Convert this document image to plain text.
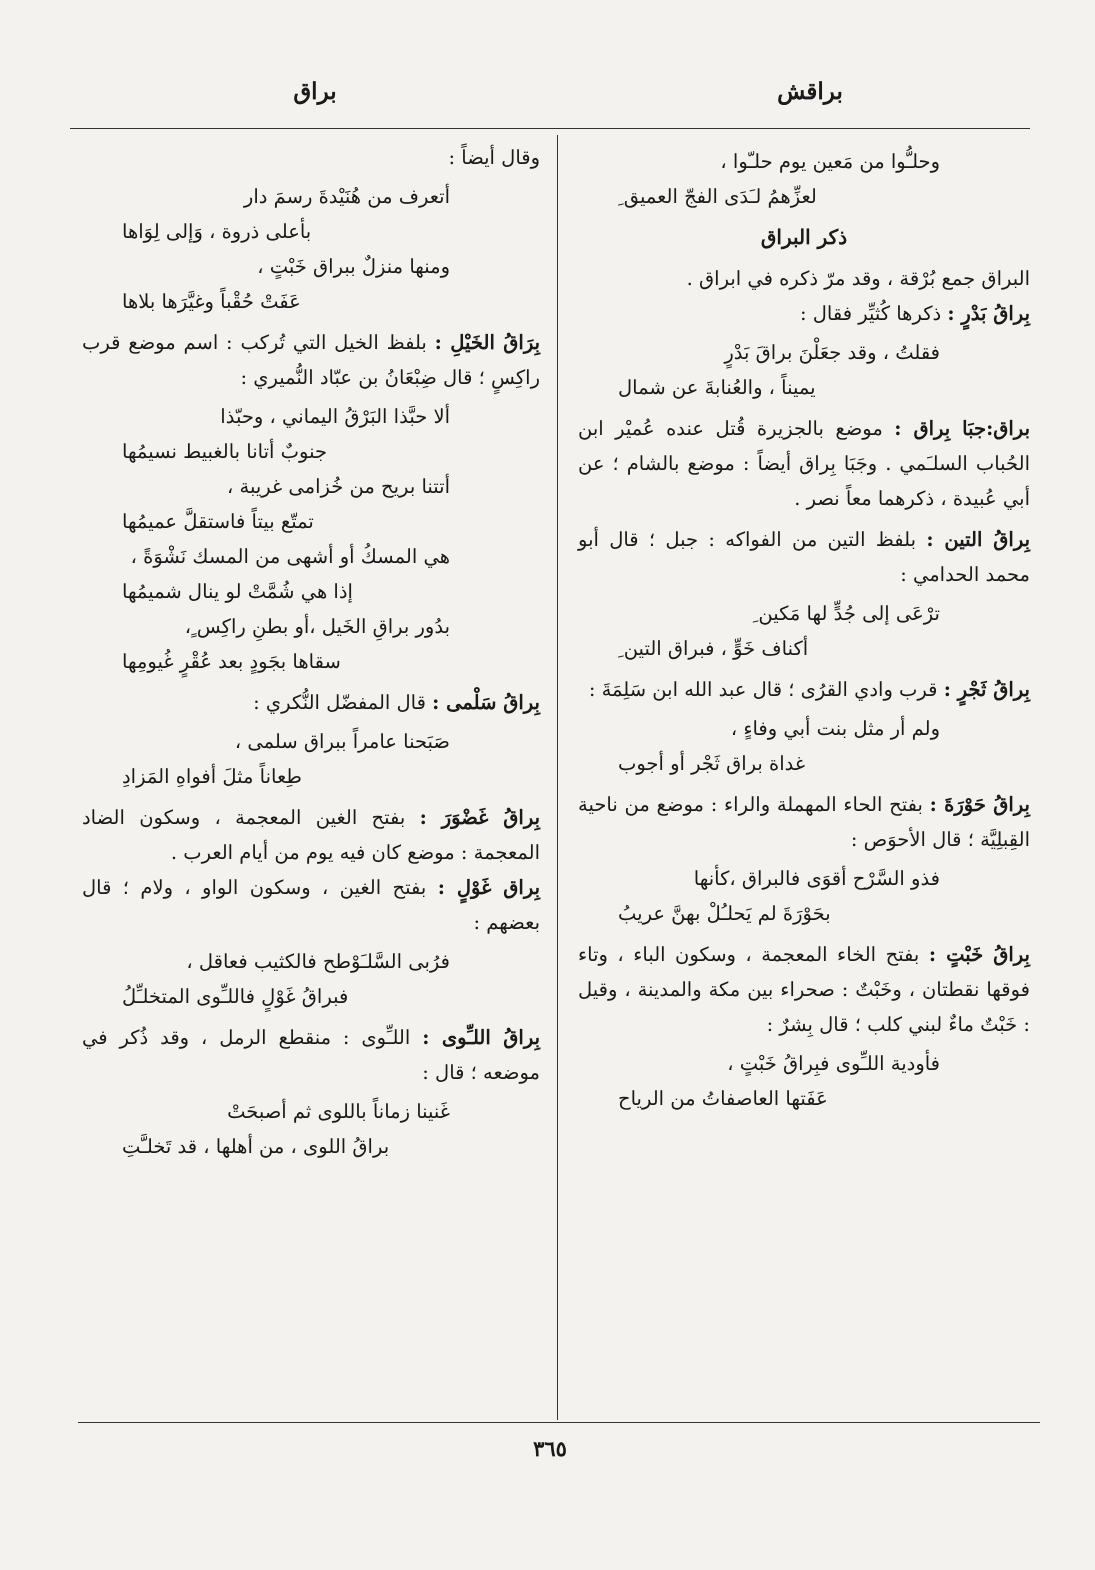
براقش
براق
وحلـُّوا من مَعين يوم حلـّوا ،
لعزِّهمُ لـَدَى الفجّ العميق ِ
ذكر البراق

البراق جمع بُرْقة ، وقد مرّ ذكره في ابراق .

بِراقُ بَدْرٍ : ذكرها كُثيِّر فقال :

فقلتُ ، وقد جعَلْنَ براقَ بَدْرٍ
يميناً ، والعُنابةَ عن شمال

براق:جبَا بِراق : موضع بالجزيرة قُتل عنده عُميْر ابن الحُباب السلـَمي . وجَبَا بِراق أيضاً : موضع بالشام ؛ عن أبي عُبيدة ، ذكرهما معاً نصر .

بِراقُ التين : بلفظ التين من الفواكه : جبل ؛ قال أبو محمد الحدامي :

ترْعَى إلى جُدٍّ لها مَكين ِ
أكناف خَوٍّ ، فبراق التين ِ

بِراقُ ثَجْرٍ : قرب وادي القرُى ؛ قال عبد الله ابن سَلِمَةَ :

ولم أر مثل بنت أبي وفاءٍ ،
غداة براق ثَجْر أو أجوب

بِراقُ حَوْرَةَ : بفتح الحاء المهملة والراء : موضع من ناحية القِبلِيَّة ؛ قال الأحوَص :

فذو السَّرْح أقوَى فالبراق ،كأنها
بحَوْرَةَ لم يَحلـُلْ بهنَّ عريبُ

بِراقُ خَبْتٍ : بفتح الخاء المعجمة ، وسكون الباء ، وتاء فوقها نقطتان ، وخَبْتٌ : صحراء بين مكة والمدينة ، وقيل : خَبْتٌ ماءٌ لبني كلب ؛ قال بِشرٌ :

فأودية اللـِّوى فبِراقُ خَبْتٍ ،
عَفَتها العاصفاتُ من الرياح

وقال أيضاً :

أتعرف من هُنَيْدةَ رسمَ دار
بأعلى ذروة ، وَإلى لِوَاها
ومنها منزلٌ ببراق خَبْتٍ ،
عَفَتْ حُقْباً وغيَّرَها بلاها

بِرَاقُ الخَيْلِ : بلفظ الخيل التي تُركب : اسم موضع قرب راكِسٍ ؛ قال ضِبْعَانُ بن عبّاد النُّميري :

ألا حبَّذا البَرْقُ اليماني ، وحبّذا
جنوبٌ أتانا بالغبيط نسيمُها
أتتنا بريح من خُزامى غريبة ،
تمتّع بيتاً فاستقلَّ عميمُها
هي المسكُ أو أشهى من المسك نَشْوَةً ،
إذا هي شُمَّتْ لو ينال شميمُها
بدُور براقِ الخَيل ،أو بطنِ راكِس ٍ،
سقاها بجَودٍ بعد عُقْرٍ غُيومِها

بِراقُ سَلْمى : قال المفضّل النُّكري :

صَبَحنا عامراً ببراق سلمى ،
طِعاناً مثلَ أفواهِ المَزادِ

بِراقُ غَضْوَرَ : بفتح الغين المعجمة ، وسكون الضاد المعجمة : موضع كان فيه يوم من أيام العرب .

بِراق غَوْلٍ : بفتح الغين ، وسكون الواو ، ولام ؛ قال بعضهم :

فرُبى السَّلـَوْطح فالكثيب فعاقل ،
فبراقُ غَوْلٍ فاللـِّوى المتخلـِّلُ

بِراقُ اللـِّوى : اللـِّوى : منقطع الرمل ، وقد ذُكر في موضعه ؛ قال :

غَنينا زماناً باللوى ثم أصبحَتْ
براقُ اللوى ، من أهلها ، قد تَخلـَّتِ
٣٦٥
